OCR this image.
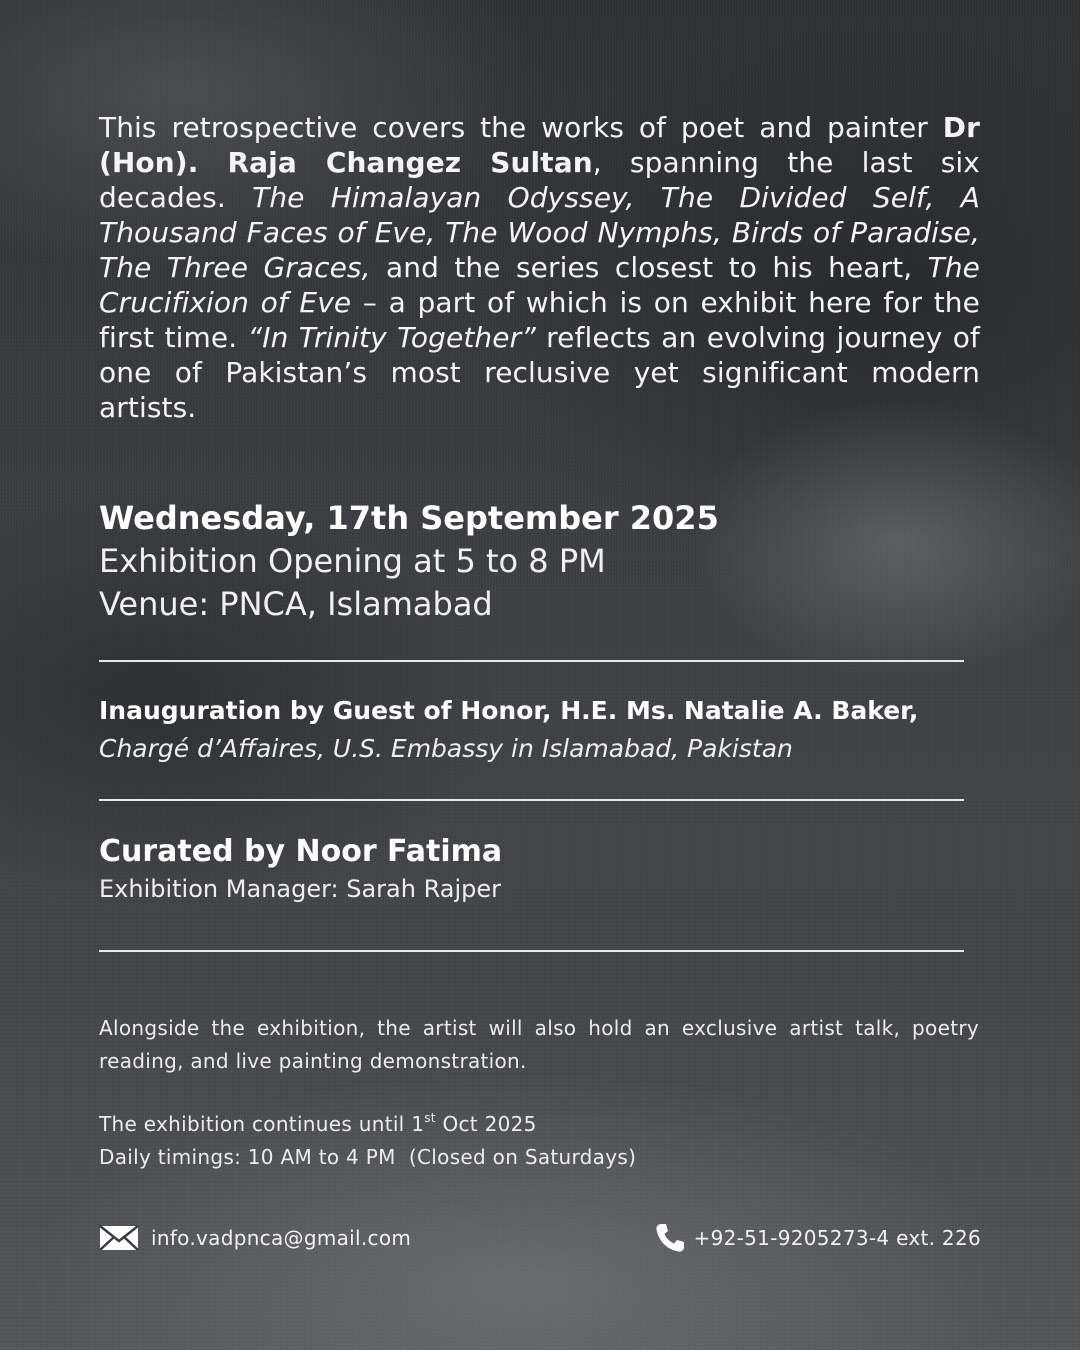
This retrospective covers the works of poet and painter Dr (Hon). Raja Changez Sultan, spanning the last six decades. The Himalayan Odyssey, The Divided Self, A Thousand Faces of Eve, The Wood Nymphs, Birds of Paradise, The Three Graces, and the series closest to his heart, The Crucifixion of Eve – a part of which is on exhibit here for the first time. “In Trinity Together” reflects an evolving journey of one of Pakistan’s most reclusive yet significant modern artists.
Wednesday, 17th September 2025
Exhibition Opening at 5 to 8 PM
Venue: PNCA, Islamabad
Inauguration by Guest of Honor, H.E. Ms. Natalie A. Baker,
Chargé d’Affaires, U.S. Embassy in Islamabad, Pakistan
Curated by Noor Fatima
Exhibition Manager: Sarah Rajper
Alongside the exhibition, the artist will also hold an exclusive artist talk, poetry reading, and live painting demonstration.
The exhibition continues until 1st Oct 2025
Daily timings: 10 AM to 4 PM  (Closed on Saturdays)
info.vadpnca@gmail.com	+92-51-9205273-4 ext. 226
